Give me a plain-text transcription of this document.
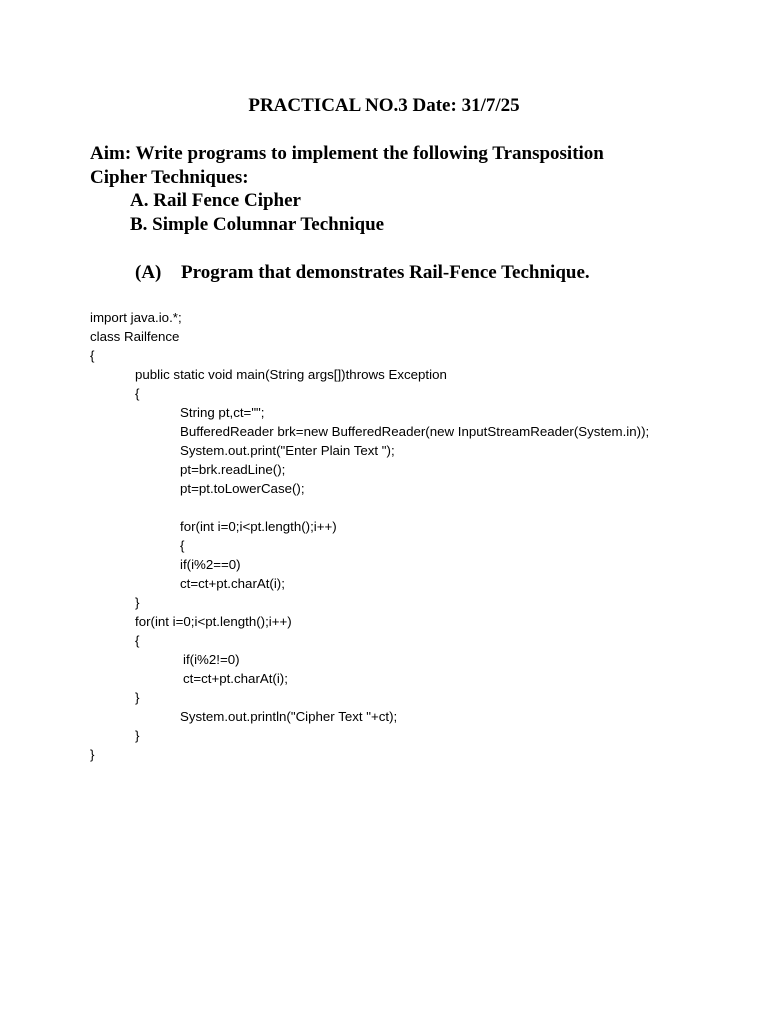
PRACTICAL NO.3 Date: 31/7/25
Aim: Write programs to implement the following Transposition
Cipher Techniques:
A. Rail Fence Cipher
B. Simple Columnar Technique
(A) Program that demonstrates Rail-Fence Technique.
import java.io.*;
class Railfence
{
public static void main(String args[])throws Exception
{
String pt,ct="";
BufferedReader brk=new BufferedReader(new InputStreamReader(System.in));
System.out.print("Enter Plain Text ");
pt=brk.readLine();
pt=pt.toLowerCase();
for(int i=0;i<pt.length();i++)
{
if(i%2==0)
ct=ct+pt.charAt(i);
}
for(int i=0;i<pt.length();i++)
{
if(i%2!=0)
ct=ct+pt.charAt(i);
}
System.out.println("Cipher Text "+ct);
}
}
